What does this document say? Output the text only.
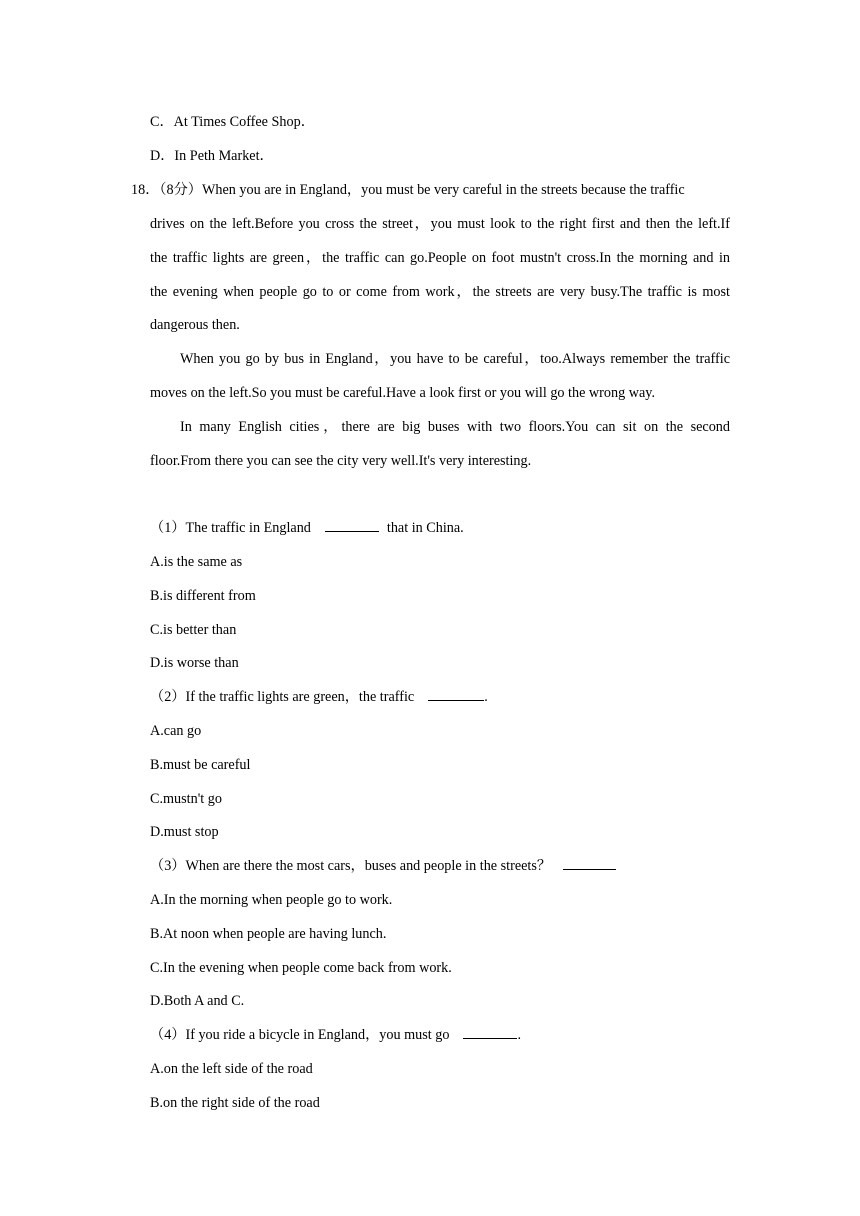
C．At Times Coffee Shop．
D．In Peth Market．
18．（8分）When you are in England，you must be very careful in the streets because the traffic
drives on the left.Before you cross the street，you must look to the right first and then the left.If
the traffic lights are green，the traffic can go.People on foot mustn't cross.In the morning and in
the evening when people go to or come from work，the streets are very busy.The traffic is most
dangerous then.
When you go by bus in England，you have to be careful，too.Always remember the traffic
moves on the left.So you must be careful.Have a look first or you will go the wrong way.
In many English cities，there are big buses with two floors.You can sit on the second
floor.From there you can see the city very well.It's very interesting.
（1）The traffic in England	that in China.
A.is the same as
B.is different from
C.is better than
D.is worse than
（2）If the traffic lights are green，the traffic	.
A.can go
B.must be careful
C.mustn't go
D.must stop
（3）When are there the most cars，buses and people in the streets？
A.In the morning when people go to work.
B.At noon when people are having lunch.
C.In the evening when people come back from work.
D.Both A and C.
（4）If you ride a bicycle in England，you must go	.
A.on the left side of the road
B.on the right side of the road
